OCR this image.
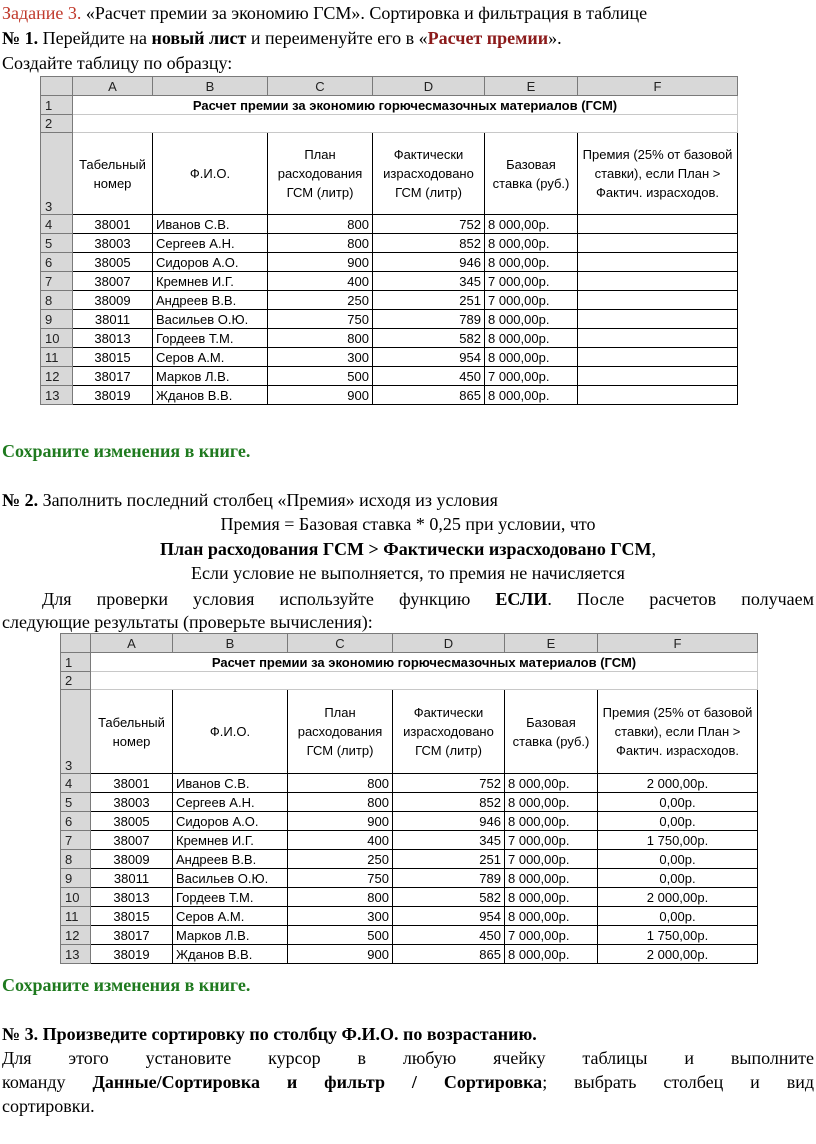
Задание 3. «Расчет премии за экономию ГСМ». Сортировка и фильтрация в таблице
№ 1. Перейдите на новый лист и переименуйте его в «Расчет премии».
Создайте таблицу по образцу:
	A	B	C	D	E	F
1	Расчет премии за экономию горючесмазочных материалов (ГСМ)					
2						
3	Табельный номер	Ф.И.О.	План расходования ГСМ (литр)	Фактически израсходовано ГСМ (литр)	Базовая ставка (руб.)	Премия (25% от базовой ставки), если План > Фактич. израсходов.
4	38001	Иванов С.В.	800	752	8 000,00р.	
5	38003	Сергеев А.Н.	800	852	8 000,00р.	
6	38005	Сидоров А.О.	900	946	8 000,00р.	
7	38007	Кремнев И.Г.	400	345	7 000,00р.	
8	38009	Андреев В.В.	250	251	7 000,00р.	
9	38011	Васильев О.Ю.	750	789	8 000,00р.	
10	38013	Гордеев Т.М.	800	582	8 000,00р.	
11	38015	Серов А.М.	300	954	8 000,00р.	
12	38017	Марков Л.В.	500	450	7 000,00р.	
13	38019	Жданов В.В.	900	865	8 000,00р.	
Сохраните изменения в книге.
№ 2. Заполнить последний столбец «Премия» исходя из условия
Премия = Базовая ставка * 0,25 при условии, что
План расходования ГСМ > Фактически израсходовано ГСМ,
Если условие не выполняется, то премия не начисляется
Для проверки условия используйте функцию ЕСЛИ. После расчетов получаем
следующие результаты (проверьте вычисления):
	A	B	C	D	E	F
1	Расчет премии за экономию горючесмазочных материалов (ГСМ)					
2						
3	Табельный номер	Ф.И.О.	План расходования ГСМ (литр)	Фактически израсходовано ГСМ (литр)	Базовая ставка (руб.)	Премия (25% от базовой ставки), если План > Фактич. израсходов.
4	38001	Иванов С.В.	800	752	8 000,00р.	2 000,00р.
5	38003	Сергеев А.Н.	800	852	8 000,00р.	0,00р.
6	38005	Сидоров А.О.	900	946	8 000,00р.	0,00р.
7	38007	Кремнев И.Г.	400	345	7 000,00р.	1 750,00р.
8	38009	Андреев В.В.	250	251	7 000,00р.	0,00р.
9	38011	Васильев О.Ю.	750	789	8 000,00р.	0,00р.
10	38013	Гордеев Т.М.	800	582	8 000,00р.	2 000,00р.
11	38015	Серов А.М.	300	954	8 000,00р.	0,00р.
12	38017	Марков Л.В.	500	450	7 000,00р.	1 750,00р.
13	38019	Жданов В.В.	900	865	8 000,00р.	2 000,00р.
Сохраните изменения в книге.
№ 3. Произведите сортировку по столбцу Ф.И.О. по возрастанию.
Для этого установите курсор в любую ячейку таблицы и выполните
команду Данные/Сортировка и фильтр / Сортировка; выбрать столбец и вид
сортировки.
